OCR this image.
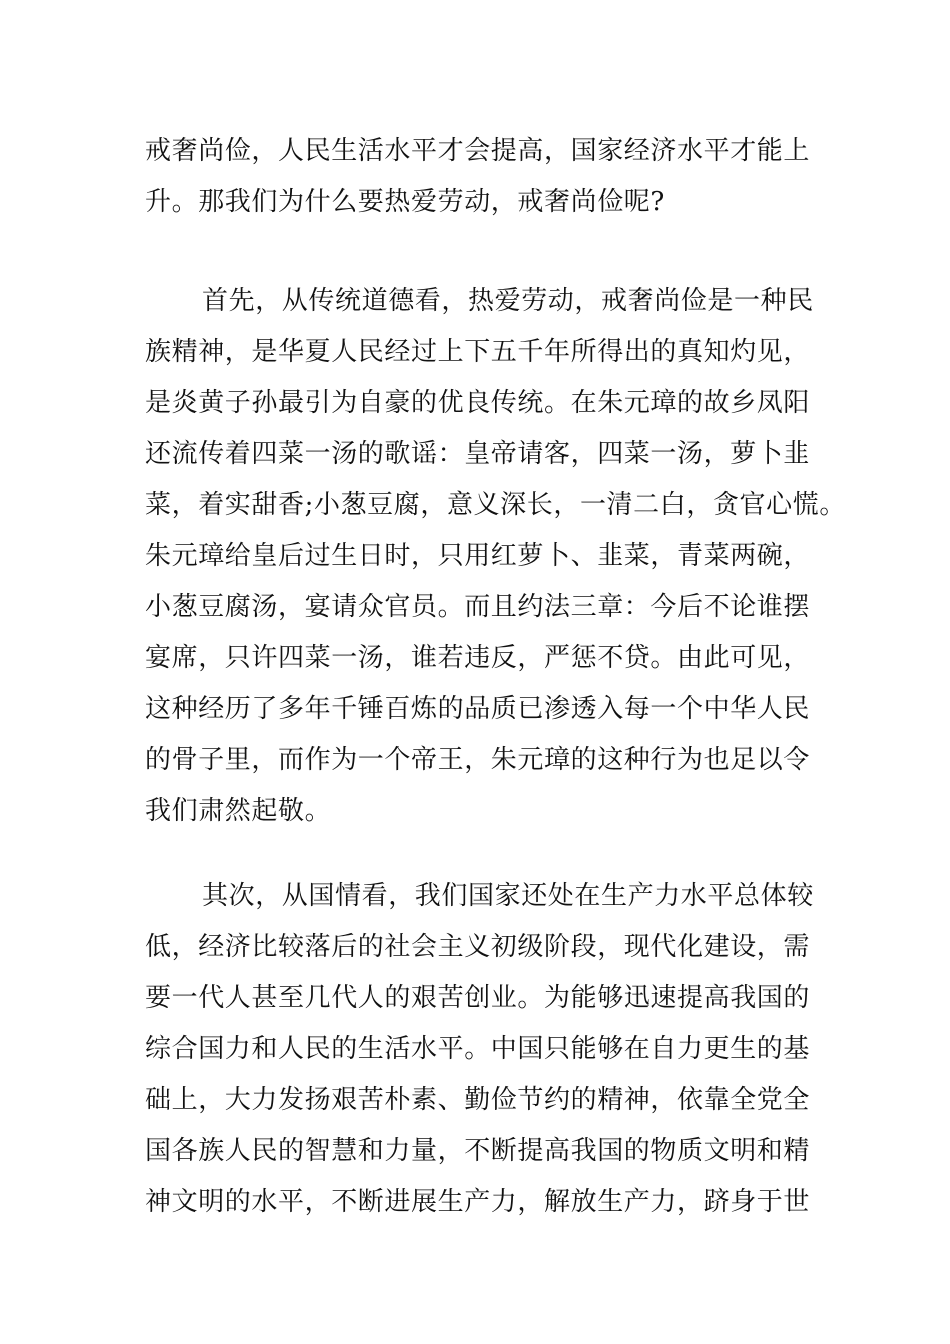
戒奢尚俭，人民生活水平才会提高，国家经济水平才能上
升。那我们为什么要热爱劳动，戒奢尚俭呢?
首先，从传统道德看，热爱劳动，戒奢尚俭是一种民
族精神，是华夏人民经过上下五千年所得出的真知灼见，
是炎黄子孙最引为自豪的优良传统。在朱元璋的故乡凤阳
还流传着四菜一汤的歌谣：皇帝请客，四菜一汤，萝卜韭
菜，着实甜香;小葱豆腐，意义深长，一清二白，贪官心慌。
朱元璋给皇后过生日时，只用红萝卜、韭菜，青菜两碗，
小葱豆腐汤，宴请众官员。而且约法三章：今后不论谁摆
宴席，只许四菜一汤，谁若违反，严惩不贷。由此可见，
这种经历了多年千锤百炼的品质已渗透入每一个中华人民
的骨子里，而作为一个帝王，朱元璋的这种行为也足以令
我们肃然起敬。
其次，从国情看，我们国家还处在生产力水平总体较
低，经济比较落后的社会主义初级阶段，现代化建设，需
要一代人甚至几代人的艰苦创业。为能够迅速提高我国的
综合国力和人民的生活水平。中国只能够在自力更生的基
础上，大力发扬艰苦朴素、勤俭节约的精神，依靠全党全
国各族人民的智慧和力量，不断提高我国的物质文明和精
神文明的水平，不断进展生产力，解放生产力，跻身于世
